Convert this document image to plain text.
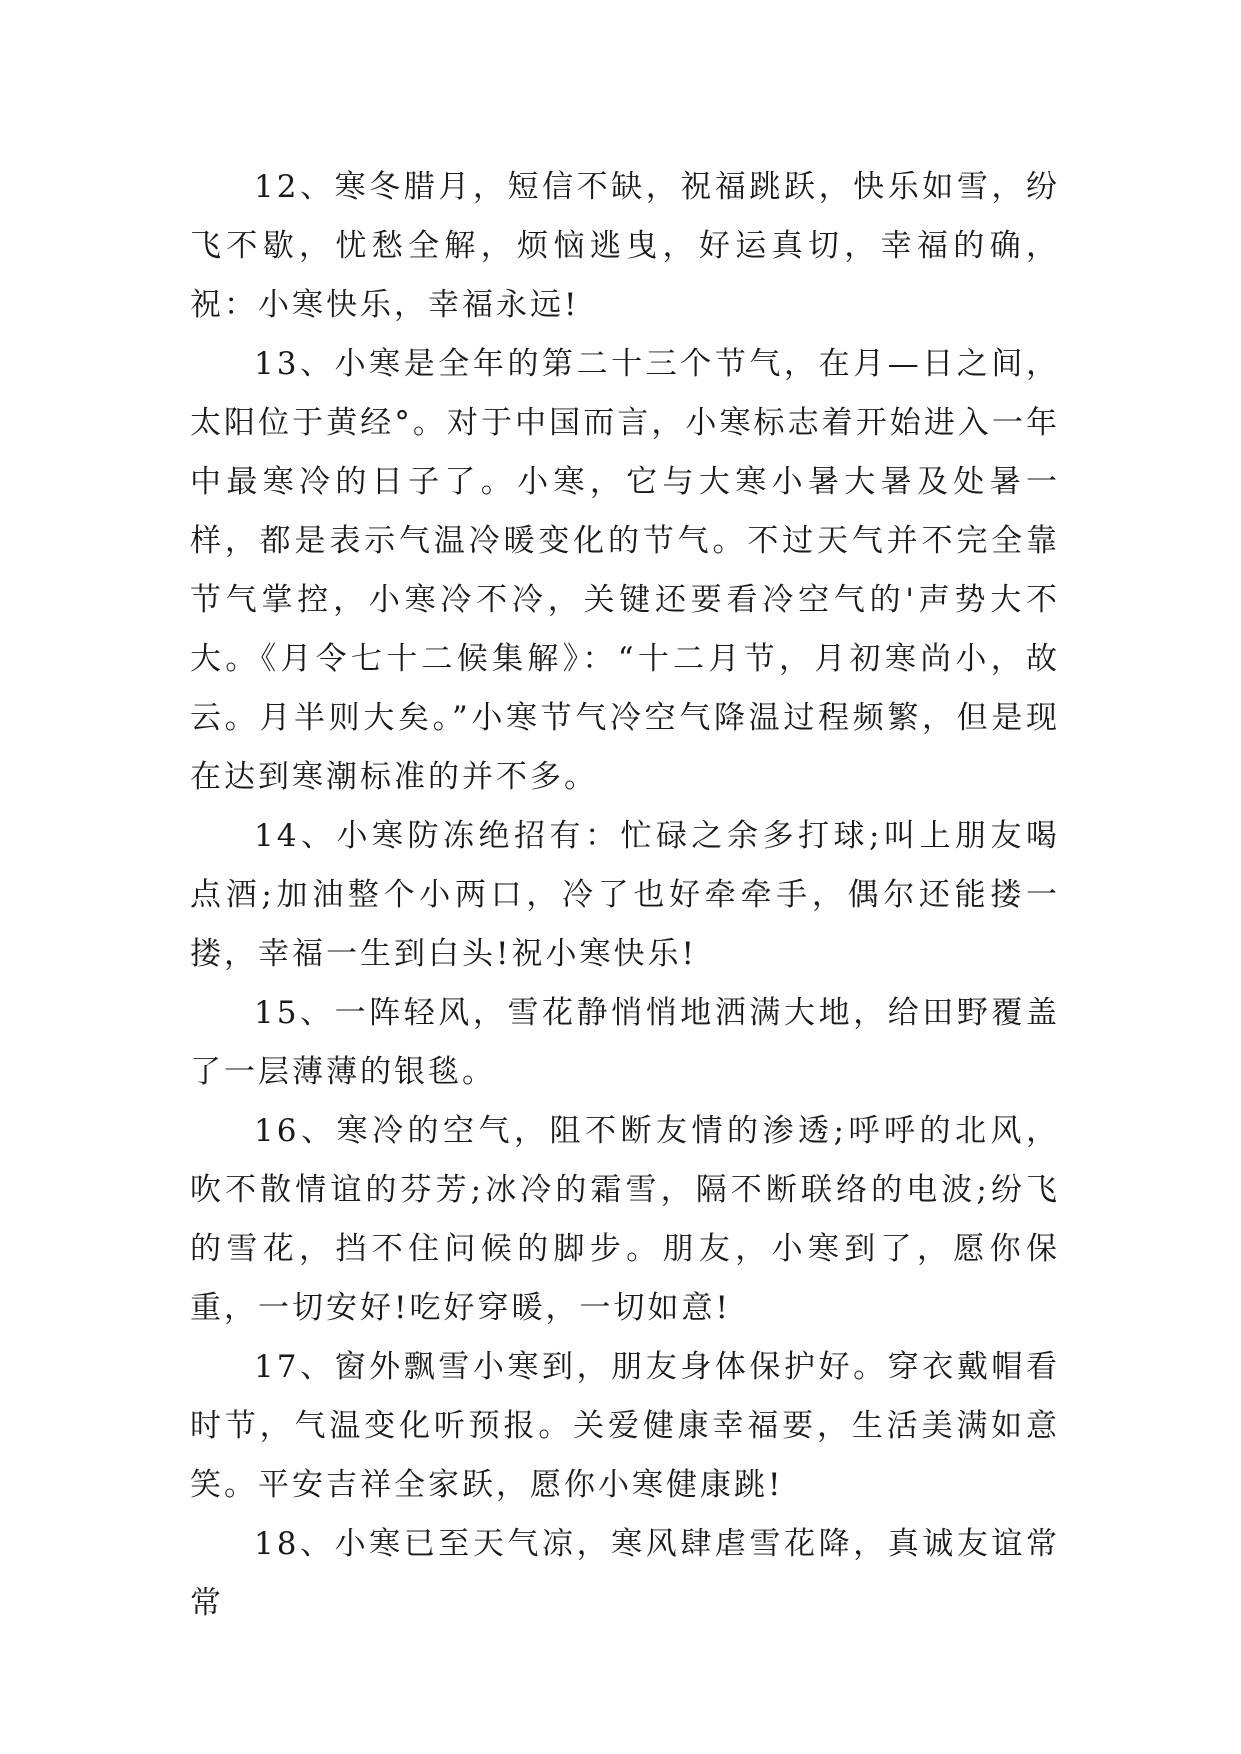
12、寒冬腊月，短信不缺，祝福跳跃，快乐如雪，纷飞不歇，忧愁全解，烦恼逃曳，好运真切，幸福的确，祝：小寒快乐，幸福永远!

13、小寒是全年的第二十三个节气，在月—日之间，太阳位于黄经°。对于中国而言，小寒标志着开始进入一年中最寒冷的日子了。小寒，它与大寒小暑大暑及处暑一样，都是表示气温冷暖变化的节气。不过天气并不完全靠节气掌控，小寒冷不冷，关键还要看冷空气的'声势大不大。《月令七十二候集解》：“十二月节，月初寒尚小，故云。月半则大矣。”小寒节气冷空气降温过程频繁，但是现在达到寒潮标准的并不多。

14、小寒防冻绝招有：忙碌之余多打球;叫上朋友喝点酒;加油整个小两口，冷了也好牵牵手，偶尔还能搂一搂，幸福一生到白头!祝小寒快乐!

15、一阵轻风，雪花静悄悄地洒满大地，给田野覆盖了一层薄薄的银毯。

16、寒冷的空气，阻不断友情的渗透;呼呼的北风，吹不散情谊的芬芳;冰冷的霜雪，隔不断联络的电波;纷飞的雪花，挡不住问候的脚步。朋友，小寒到了，愿你保重，一切安好!吃好穿暖，一切如意!

17、窗外飘雪小寒到，朋友身体保护好。穿衣戴帽看时节，气温变化听预报。关爱健康幸福要，生活美满如意笑。平安吉祥全家跃，愿你小寒健康跳!

18、小寒已至天气凉，寒风肆虐雪花降，真诚友谊常常
